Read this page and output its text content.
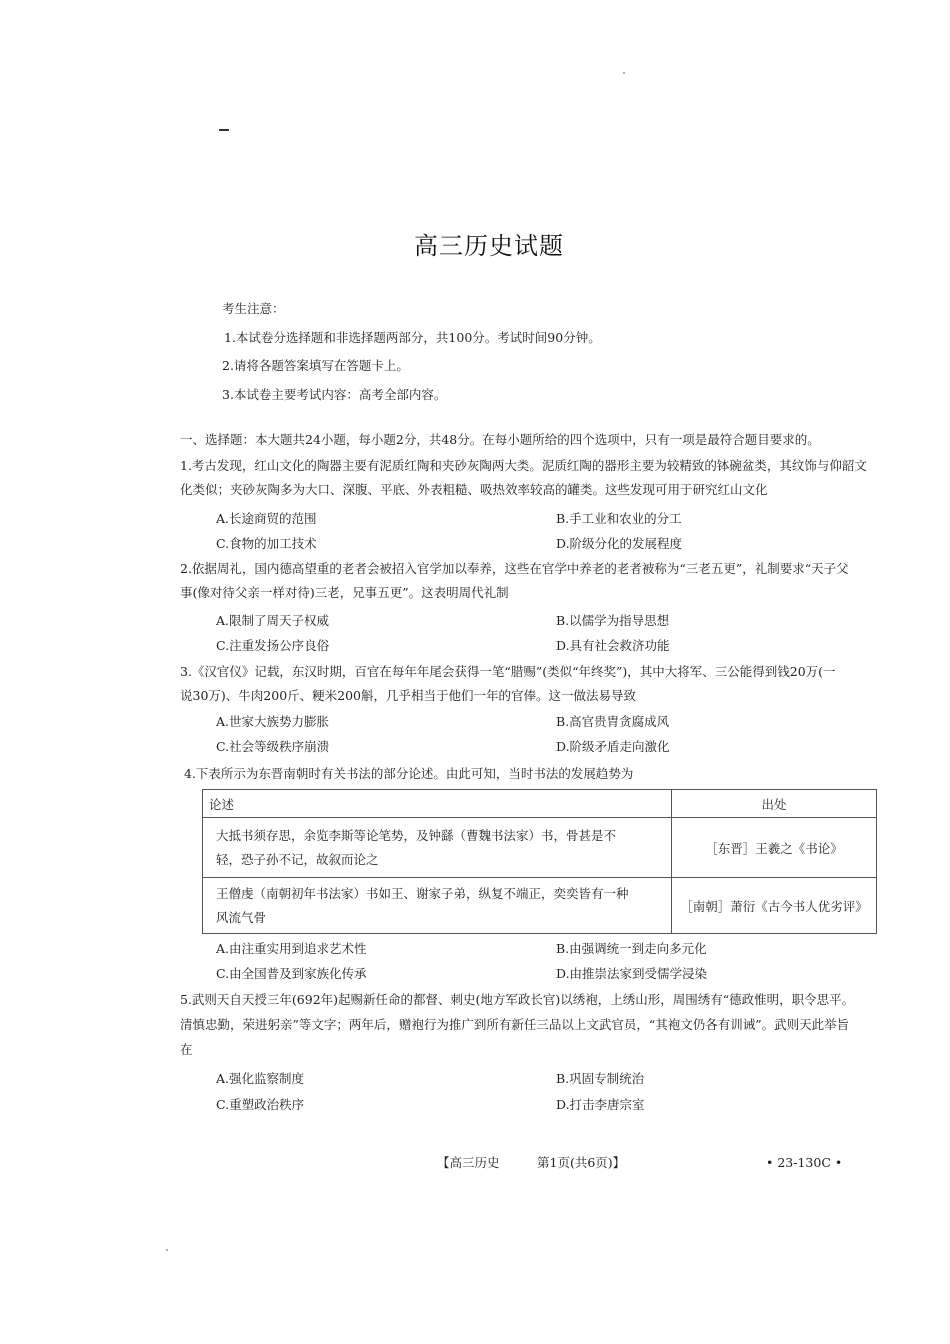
高三历史试题
考生注意：
1.本试卷分选择题和非选择题两部分，共100分。考试时间90分钟。
2.请将各题答案填写在答题卡上。
3.本试卷主要考试内容：高考全部内容。
一、选择题：本大题共24小题，每小题2分，共48分。在每小题所给的四个选项中，只有一项是最符合题目要求的。
1.考古发现，红山文化的陶器主要有泥质红陶和夹砂灰陶两大类。泥质红陶的器形主要为较精致的钵碗盆类，其纹饰与仰韶文
化类似；夹砂灰陶多为大口、深腹、平底、外表粗糙、吸热效率较高的罐类。这些发现可用于研究红山文化
A.长途商贸的范围	B.手工业和农业的分工
C.食物的加工技术	D.阶级分化的发展程度
2.依据周礼，国内德高望重的老者会被招入官学加以奉养，这些在官学中养老的老者被称为“三老五更”，礼制要求“天子父
事(像对待父亲一样对待)三老，兄事五更”。这表明周代礼制
A.限制了周天子权威	B.以儒学为指导思想
C.注重发扬公序良俗	D.具有社会救济功能
3.《汉官仪》记载，东汉时期，百官在每年年尾会获得一笔“腊赐”(类似“年终奖”)，其中大将军、三公能得到钱20万(一
说30万)、牛肉200斤、粳米200斛，几乎相当于他们一年的官俸。这一做法易导致
A.世家大族势力膨胀	B.高官贵胄贪腐成风
C.社会等级秩序崩溃	D.阶级矛盾走向激化
4.下表所示为东晋南朝时有关书法的部分论述。由此可知，当时书法的发展趋势为
论述	出处

大抵书须存思，余览李斯等论笔势，及钟繇（曹魏书法家）书，骨甚是不轻，恐子孙不记，故叙而论之	［东晋］王羲之《书论》

王僧虔（南朝初年书法家）书如王、谢家子弟，纵复不端正，奕奕皆有一种风流气骨	［南朝］萧衍《古今书人优劣评》
A.由注重实用到追求艺术性	B.由强调统一到走向多元化
C.由全国普及到家族化传承	D.由推崇法家到受儒学浸染
5.武则天自天授三年(692年)起赐新任命的都督、刺史(地方军政长官)以绣袍，上绣山形，周围绣有“德政惟明，职令思平。
清慎忠勤，荣进躬亲”等文字；两年后，赠袍行为推广到所有新任三品以上文武官员，“其袍文仍各有训诫”。武则天此举旨
在
A.强化监察制度	B.巩固专制统治
C.重塑政治秩序	D.打击李唐宗室
【高三历史	第1页(共6页)】	• 23-130C •
